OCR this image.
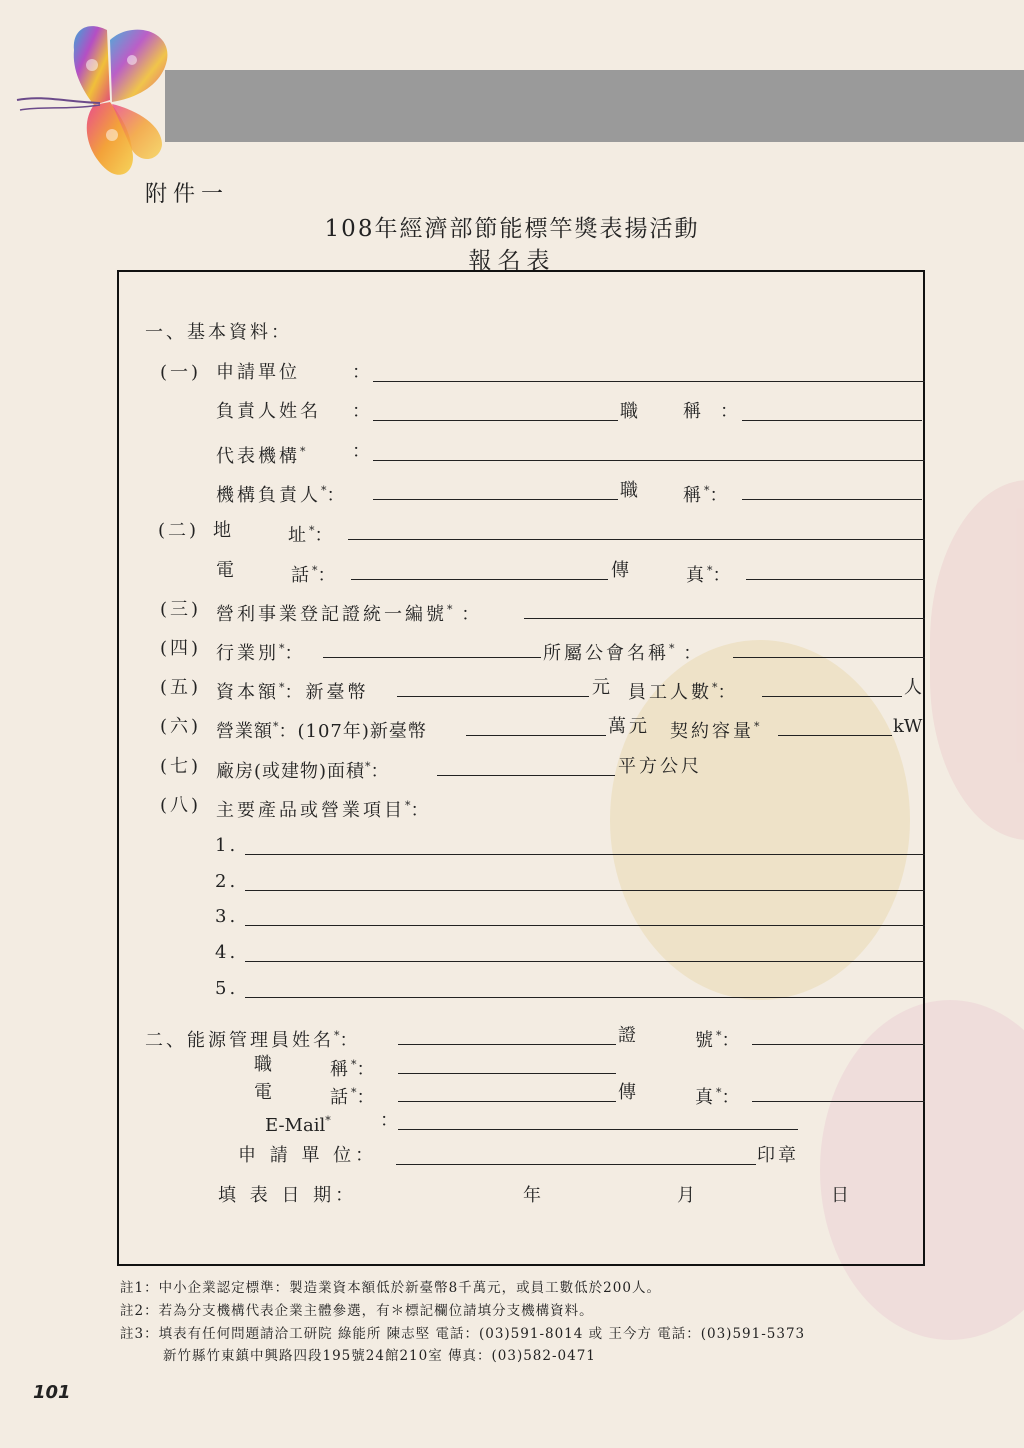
附件一
108年經濟部節能標竿獎表揚活動
報名表
一、基本資料：
(一) 申請單位	：
負責人姓名 ：	職 稱 ：
代表機構*	：
機構負責人*：	職 稱*：
(二) 地	址*：
電	話*：	傳	真*：
(三) 營利事業登記證統一編號* ：
(四) 行業別*：	所屬公會名稱* ：
(五) 資本額*：新臺幣	元 員工人數*：	人
(六) 營業額*：(107年)新臺幣	萬元 契約容量*	kW
(七) 廠房(或建物)面積*：	平方公尺
(八) 主要產品或營業項目*：
1.
2.
3.
4.
5.
二、能源管理員姓名*：	證	號*：
職	稱*：
電	話*：	傳	真*：
E-Mail*	：
申 請 單 位：	印章
填 表 日 期：	年	月	日
註1：中小企業認定標準：製造業資本額低於新臺幣8千萬元，或員工數低於200人。
註2：若為分支機構代表企業主體參選，有＊標記欄位請填分支機構資料。
註3：填表有任何問題請洽工研院 綠能所 陳志堅 電話：(03)591-8014 或 王今方 電話：(03)591-5373
新竹縣竹東鎮中興路四段195號24館210室 傳真：(03)582-0471
101
